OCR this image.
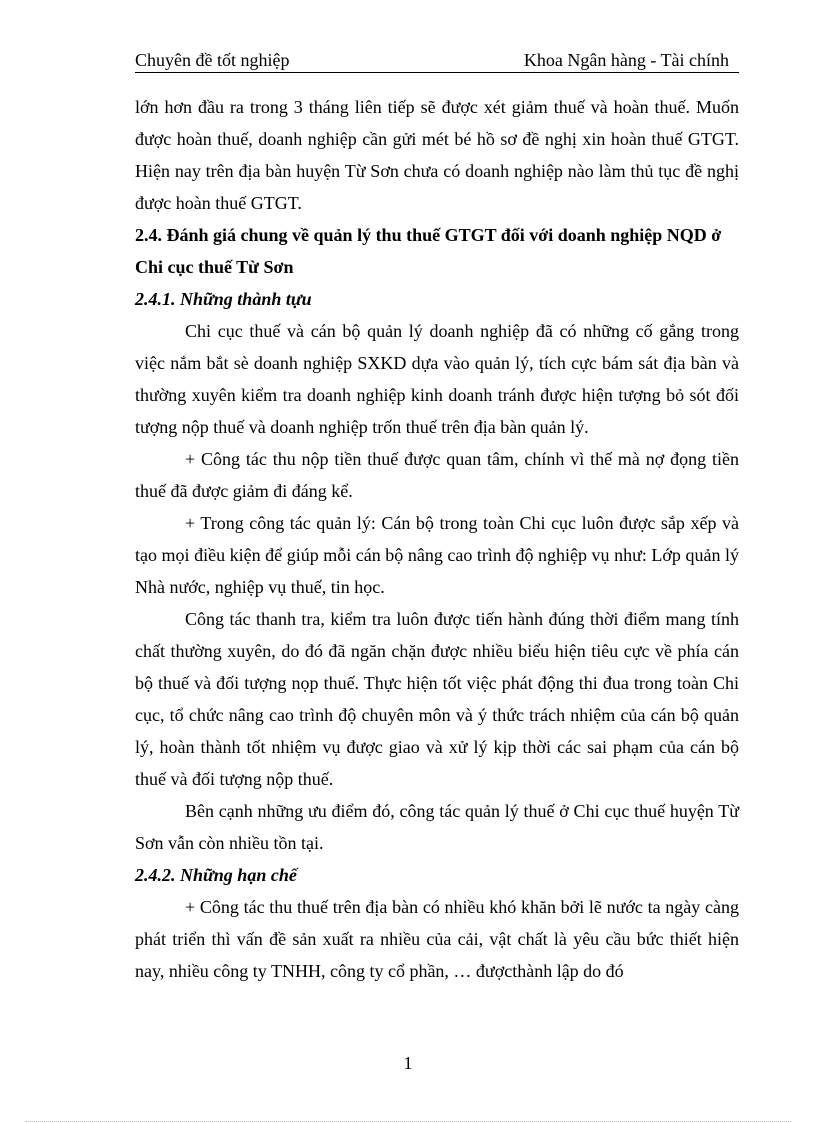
Chuyên đề tốt nghiệp	Khoa Ngân hàng - Tài chính

lớn hơn đầu ra trong 3 tháng liên tiếp sẽ được xét giảm thuế và hoàn thuế. Muốn được hoàn thuế, doanh nghiệp cần gửi mét bé hồ sơ đề nghị xin hoàn thuế GTGT. Hiện nay trên địa bàn huyện Từ Sơn chưa có doanh nghiệp nào làm thủ tục đề nghị được hoàn thuế GTGT.

2.4. Đánh giá chung về quản lý thu thuế GTGT đối với doanh nghiệp NQD ở Chi cục thuế Từ Sơn

2.4.1. Những thành tựu

Chi cục thuế và cán bộ quản lý doanh nghiệp đã có những cố gắng trong việc nắm bắt sè doanh nghiệp SXKD dựa vào quản lý, tích cực bám sát địa bàn và thường xuyên kiểm tra doanh nghiệp kinh doanh tránh được hiện tượng bỏ sót đối tượng nộp thuế và doanh nghiệp trốn thuế trên địa bàn quản lý.

+ Công tác thu nộp tiền thuế được quan tâm, chính vì thế mà nợ đọng tiền thuế đã được giảm đi đáng kể.

+ Trong công tác quản lý: Cán bộ trong toàn Chi cục luôn được sắp xếp và tạo mọi điều kiện để giúp mỗi cán bộ nâng cao trình độ nghiệp vụ như: Lớp quản lý Nhà nước, nghiệp vụ thuế, tin học.

Công tác thanh tra, kiểm tra luôn được tiến hành đúng thời điểm mang tính chất thường xuyên, do đó đã ngăn chặn được nhiều biểu hiện tiêu cực về phía cán bộ thuế và đối tượng nọp thuế. Thực hiện tốt việc phát động thi đua trong toàn Chi cục, tổ chức nâng cao trình độ chuyên môn và ý thức trách nhiệm của cán bộ quản lý, hoàn thành tốt nhiệm vụ được giao và xử lý kịp thời các sai phạm của cán bộ thuế và đối tượng nộp thuế.

Bên cạnh những ưu điểm đó, công tác quản lý thuế ở Chi cục thuế huyện Từ Sơn vẫn còn nhiều tồn tại.

2.4.2. Những hạn chế

+ Công tác thu thuế trên địa bàn có nhiều khó khăn bởi lẽ nước ta ngày càng phát triển thì vấn đề sản xuất ra nhiều của cải, vật chất là yêu cầu bức thiết hiện nay, nhiều công ty TNHH, công ty cổ phần, … đượcthành lập do đó

1
